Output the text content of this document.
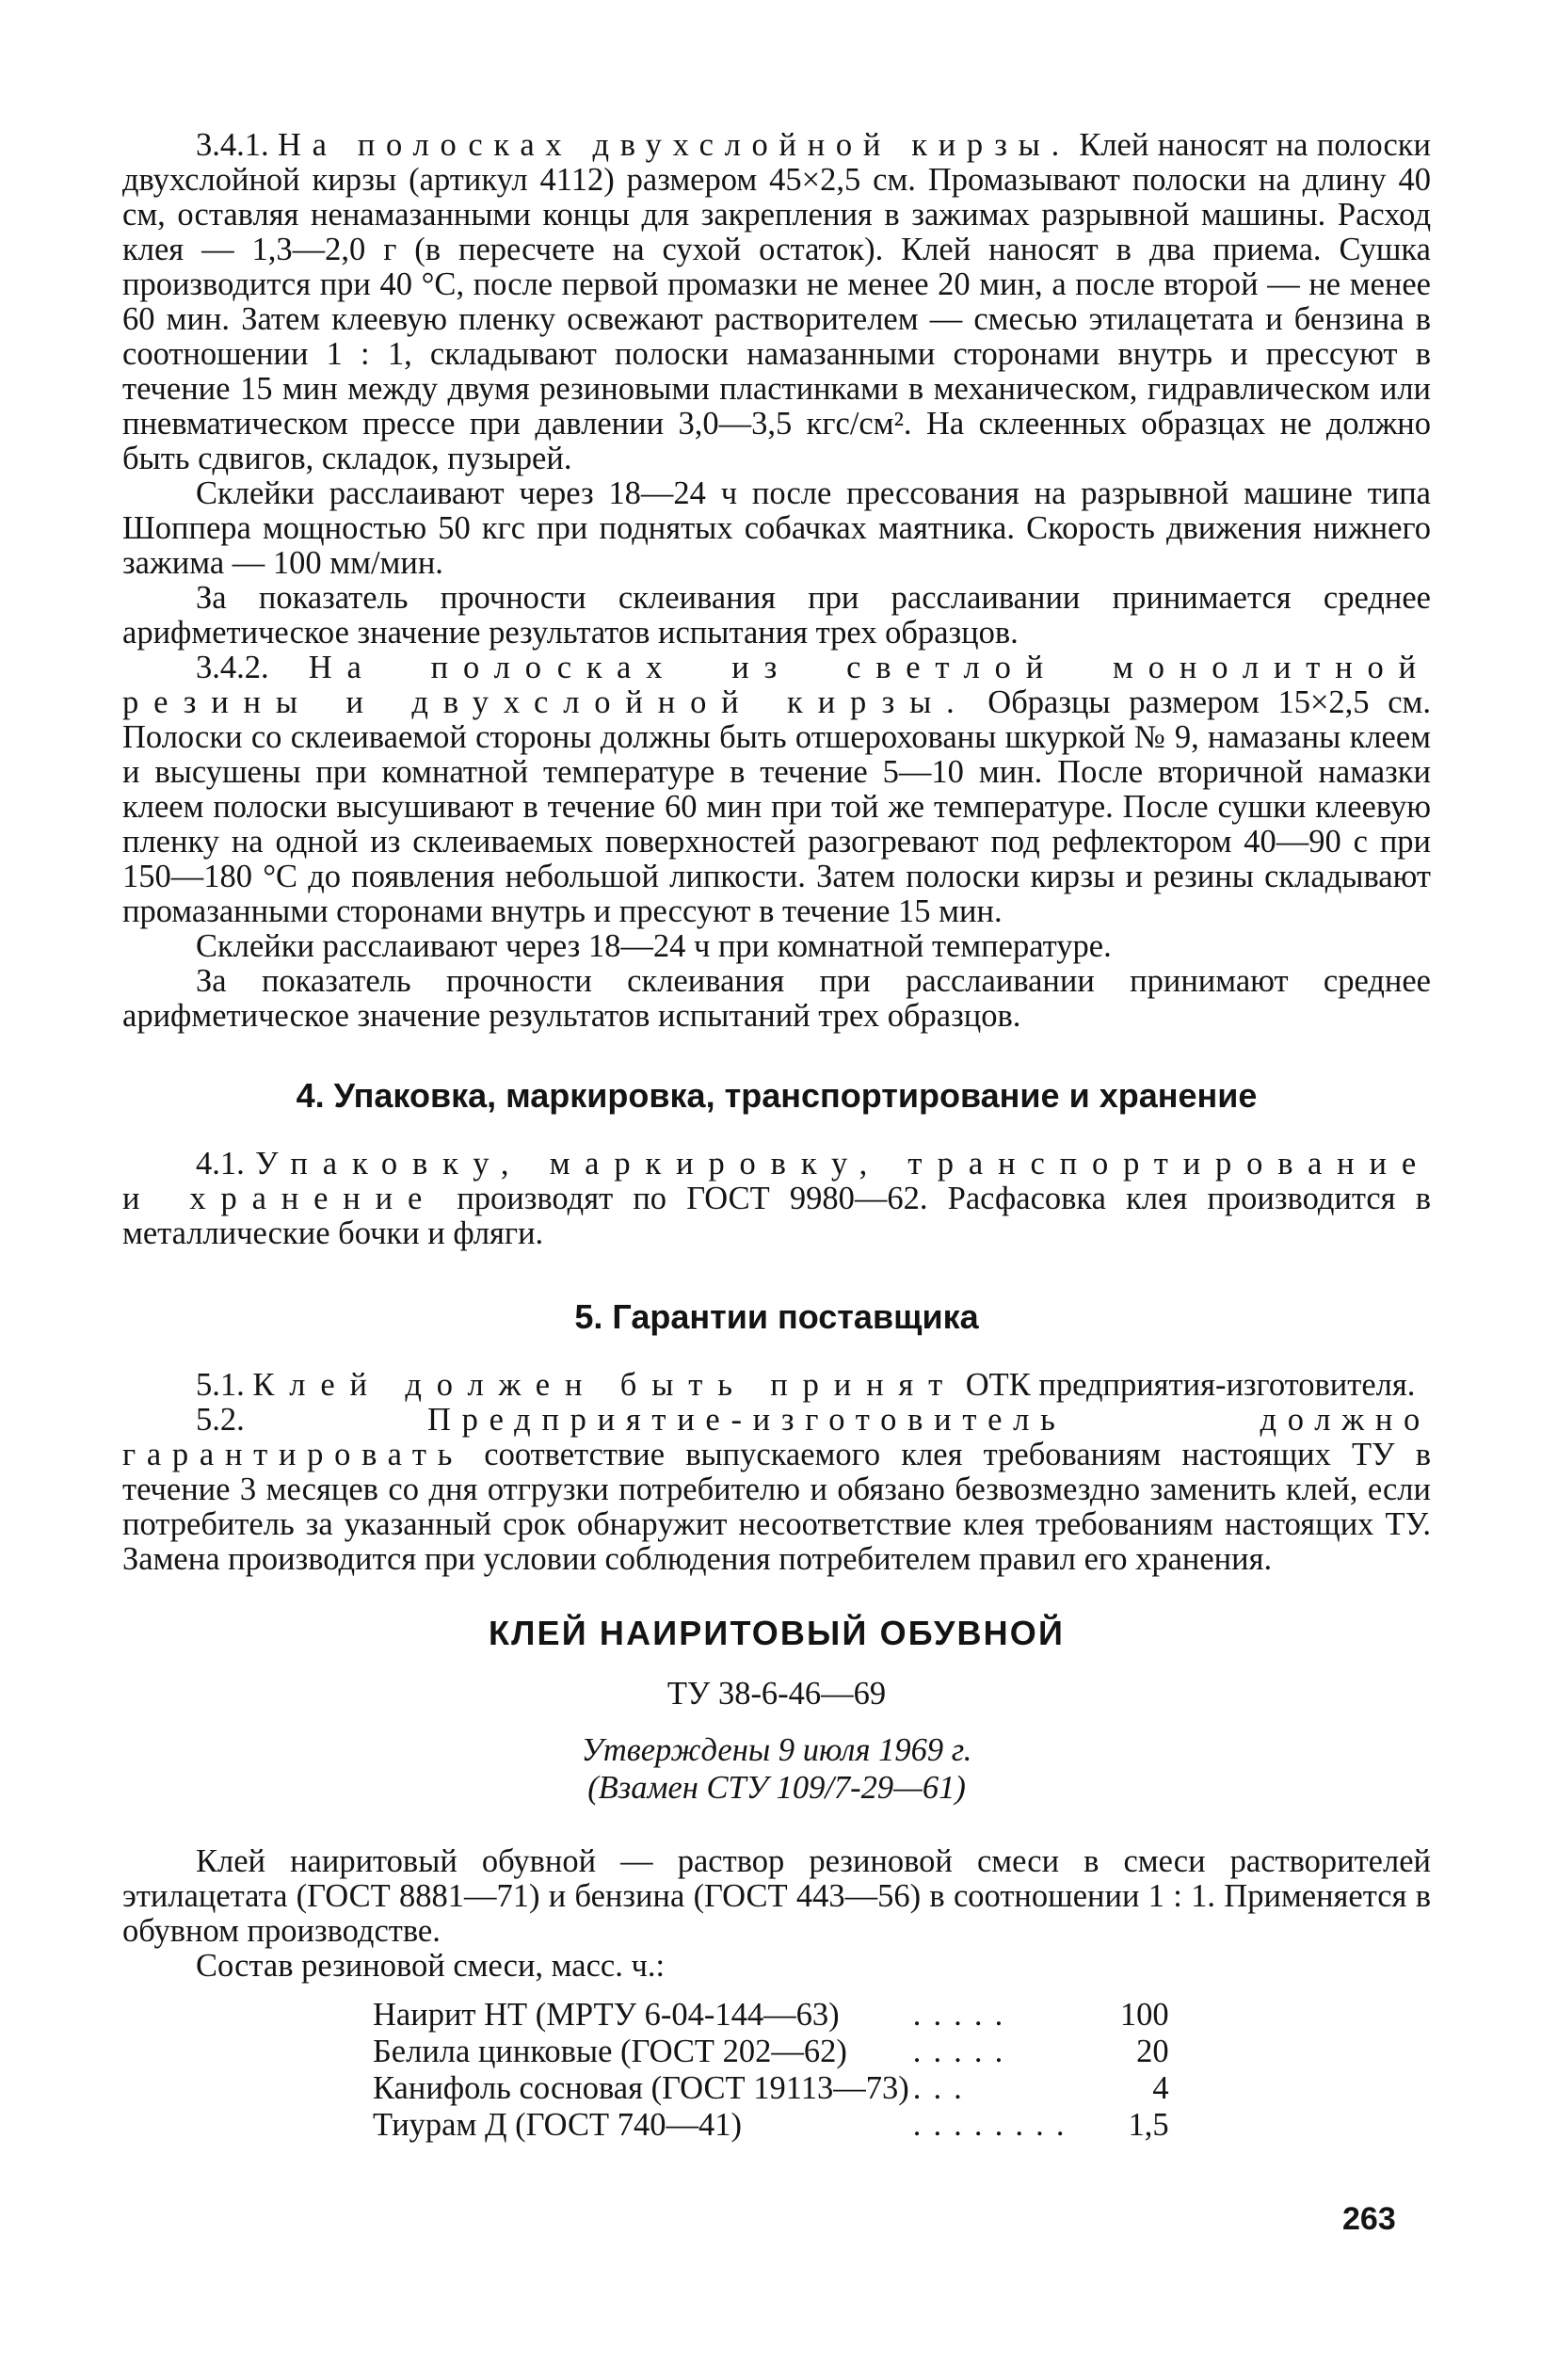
3.4.1. На полосках двухслойной кирзы. Клей наносят на полоски двухслойной кирзы (артикул 4112) размером 45×2,5 см. Промазывают полоски на длину 40 см, оставляя ненамазанными концы для закрепления в зажимах разрывной машины. Расход клея — 1,3—2,0 г (в пересчете на сухой остаток). Клей наносят в два приема. Сушка производится при 40 °С, после первой промазки не менее 20 мин, а после второй — не менее 60 мин. Затем клеевую пленку освежают растворителем — смесью этилацетата и бензина в соотношении 1 : 1, складывают полоски намазанными сторонами внутрь и прессуют в течение 15 мин между двумя резиновыми пластинками в механическом, гидравлическом или пневматическом прессе при давлении 3,0—3,5 кгс/см². На склеенных образцах не должно быть сдвигов, складок, пузырей.

Склейки расслаивают через 18—24 ч после прессования на разрывной машине типа Шоппера мощностью 50 кгс при поднятых собачках маятника. Скорость движения нижнего зажима — 100 мм/мин.

За показатель прочности склеивания при расслаивании принимается среднее арифметическое значение результатов испытания трех образцов.

3.4.2. На полосках из светлой монолитной резины и двухслойной кирзы. Образцы размером 15×2,5 см. Полоски со склеиваемой стороны должны быть отшерохованы шкуркой № 9, намазаны клеем и высушены при комнатной температуре в течение 5—10 мин. После вторичной намазки клеем полоски высушивают в течение 60 мин при той же температуре. После сушки клеевую пленку на одной из склеиваемых поверхностей разогревают под рефлектором 40—90 с при 150—180 °С до появления небольшой липкости. Затем полоски кирзы и резины складывают промазанными сторонами внутрь и прессуют в течение 15 мин.

Склейки расслаивают через 18—24 ч при комнатной температуре.

За показатель прочности склеивания при расслаивании принимают среднее арифметическое значение результатов испытаний трех образцов.

4. Упаковка, маркировка, транспортирование и хранение

4.1. Упаковку, маркировку, транспортирование и хранение производят по ГОСТ 9980—62. Расфасовка клея производится в металлические бочки и фляги.

5. Гарантии поставщика

5.1. Клей должен быть принят ОТК предприятия-изготовителя.

5.2. Предприятие-изготовитель должно гарантировать соответствие выпускаемого клея требованиям настоящих ТУ в течение 3 месяцев со дня отгрузки потребителю и обязано безвозмездно заменить клей, если потребитель за указанный срок обнаружит несоответствие клея требованиям настоящих ТУ. Замена производится при условии соблюдения потребителем правил его хранения.

КЛЕЙ НАИРИТОВЫЙ ОБУВНОЙ
ТУ 38-6-46—69
Утверждены 9 июля 1969 г.
(Взамен СТУ 109/7-29—61)

Клей наиритовый обувной — раствор резиновой смеси в смеси растворителей этилацетата (ГОСТ 8881—71) и бензина (ГОСТ 443—56) в соотношении 1 : 1. Применяется в обувном производстве.

Состав резиновой смеси, масс. ч.:

Наирит НТ (МРТУ 6-04-144—63)	.....	100
Белила цинковые (ГОСТ 202—62)	.....	20
Канифоль сосновая (ГОСТ 19113—73)	...	4
Тиурам Д (ГОСТ 740—41)	........	1,5
263
